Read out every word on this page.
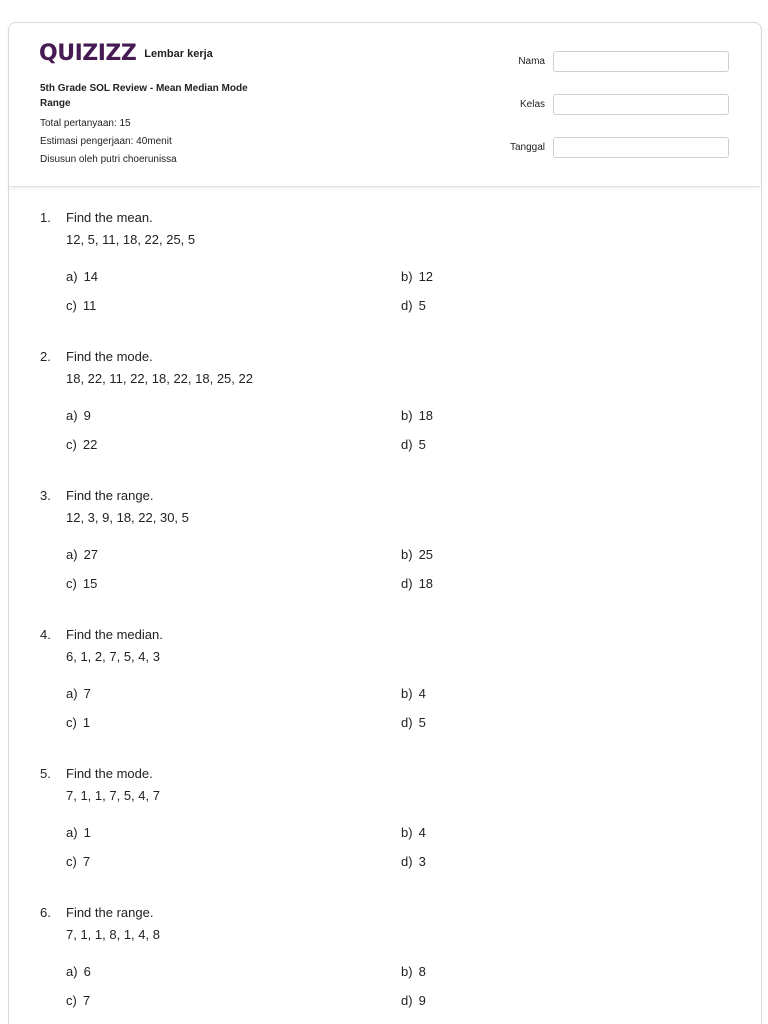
QUIZIZZ Lembar kerja
5th Grade SOL Review - Mean Median Mode Range
Total pertanyaan: 15
Estimasi pengerjaan: 40menit
Disusun oleh putri choerunissa
Nama
Kelas
Tanggal
1. Find the mean.
12, 5, 11, 18, 22, 25, 5
a) 14	b) 12
c) 11	d) 5
2. Find the mode.
18, 22, 11, 22, 18, 22, 18, 25, 22
a) 9	b) 18
c) 22	d) 5
3. Find the range.
12, 3, 9, 18, 22, 30, 5
a) 27	b) 25
c) 15	d) 18
4. Find the median.
6, 1, 2, 7, 5, 4, 3
a) 7	b) 4
c) 1	d) 5
5. Find the mode.
7, 1, 1, 7, 5, 4, 7
a) 1	b) 4
c) 7	d) 3
6. Find the range.
7, 1, 1, 8, 1, 4, 8
a) 6	b) 8
c) 7	d) 9
